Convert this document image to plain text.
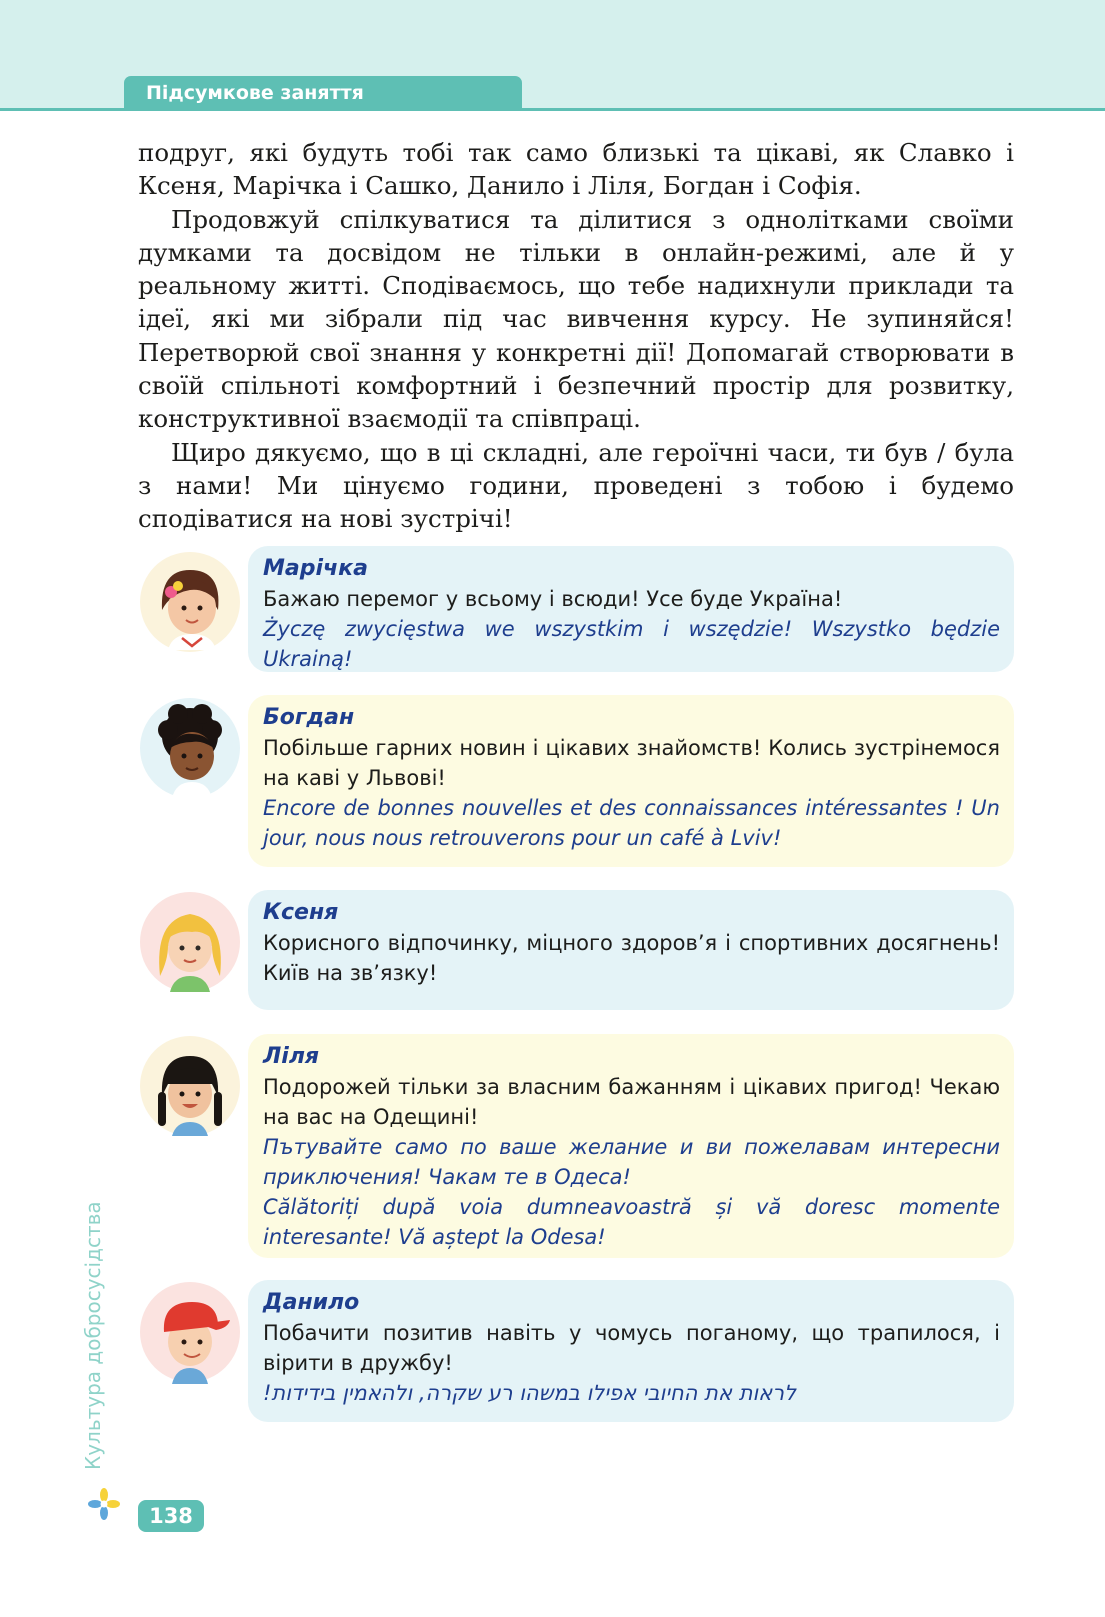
Підсумкове заняття

подруг, які будуть тобі так само близькі та цікаві, як Славко і Ксеня, Марічка і Сашко, Данило і Ліля, Богдан і Софія.

Продовжуй спілкуватися та ділитися з однолітками своїми думками та досвідом не тільки в онлайн-режимі, але й у реальному житті. Сподіваємось, що тебе надихнули приклади та ідеї, які ми зібрали під час вивчення курсу. Не зупиняйся! Перетворюй свої знання у конкретні дії! Допомагай створювати в своїй спільноті комфортний і безпечний простір для розвитку, конструктивної взаємодії та співпраці.

Щиро дякуємо, що в ці складні, але героїчні часи, ти був / була з нами! Ми цінуємо години, проведені з тобою і будемо сподіватися на нові зустрічі!

Марічка
Бажаю перемог у всьому і всюди! Усе буде Україна!
Życzę zwycięstwa we wszystkim i wszędzie! Wszystko będzie Ukrainą!
Богдан
Побільше гарних новин і цікавих знайомств! Колись зустрінемося на каві у Львові!
Encore de bonnes nouvelles et des connaissances intéressantes ! Un jour, nous nous retrouverons pour un café à Lviv!
Ксеня
Корисного відпочинку, міцного здоров’я і спортивних досягнень! Київ на зв’язку!
Ліля
Подорожей тільки за власним бажанням і цікавих пригод! Чекаю на вас на Одещині!
Пътувайте само по ваше желание и ви пожелавам интересни приключения! Чакам те в Одеса!
Călătoriți după voia dumneavoastră și vă doresc momente interesante! Vă aștept la Odesa!
Данило
Побачити позитив навіть у чомусь поганому, що трапилося, і вірити в дружбу!
לראות את החיובי אפילו במשהו רע שקרה, ולהאמין בידידות!
Культура добросусідства
138
